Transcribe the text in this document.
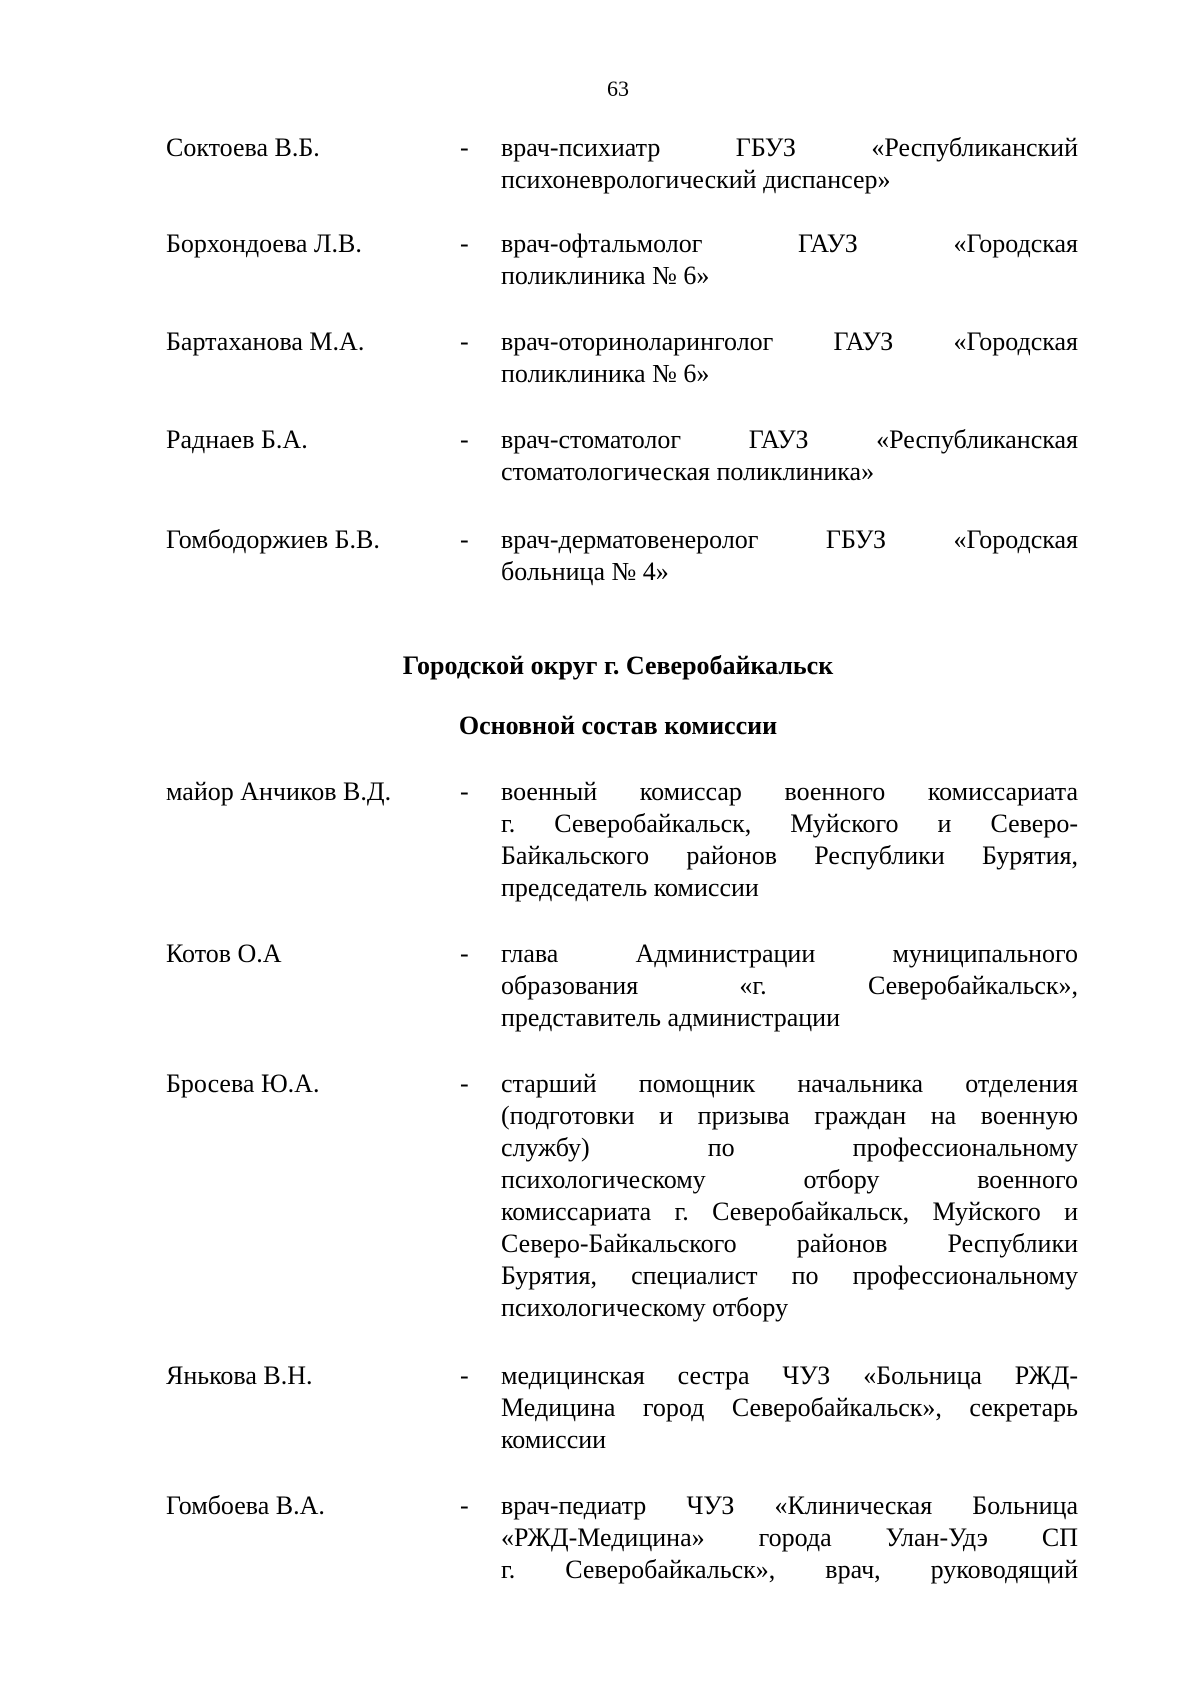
63
Соктоева В.Б.	- врач-психиатр ГБУЗ «Республиканский
психоневрологический диспансер»
Борхондоева Л.В.	- врач-офтальмолог ГАУЗ «Городская
поликлиника № 6»
Бартаханова М.А.	- врач-оториноларинголог ГАУЗ «Городская
поликлиника № 6»
Раднаев Б.А.	- врач-стоматолог ГАУЗ «Республиканская
стоматологическая поликлиника»
Гомбодоржиев Б.В.	- врач-дерматовенеролог ГБУЗ «Городская
больница № 4»
Городской округ г. Северобайкальск
Основной состав комиссии
майор Анчиков В.Д.	- военный комиссар военного комиссариата
г. Северобайкальск, Муйского и Северо-
Байкальского районов Республики Бурятия,
председатель комиссии
Котов О.А	- глава Администрации муниципального
образования «г. Северобайкальск»,
представитель администрации
Бросева Ю.А.	- старший помощник начальника отделения
(подготовки и призыва граждан на военную
службу) по профессиональному
психологическому отбору военного
комиссариата г. Северобайкальск, Муйского и
Северо-Байкальского районов Республики
Бурятия, специалист по профессиональному
психологическому отбору
Янькова В.Н.	- медицинская сестра ЧУЗ «Больница РЖД-
Медицина город Северобайкальск», секретарь
комиссии
Гомбоева В.А.	- врач-педиатр ЧУЗ «Клиническая Больница
«РЖД-Медицина» города Улан-Удэ СП
г. Северобайкальск», врач, руководящий
